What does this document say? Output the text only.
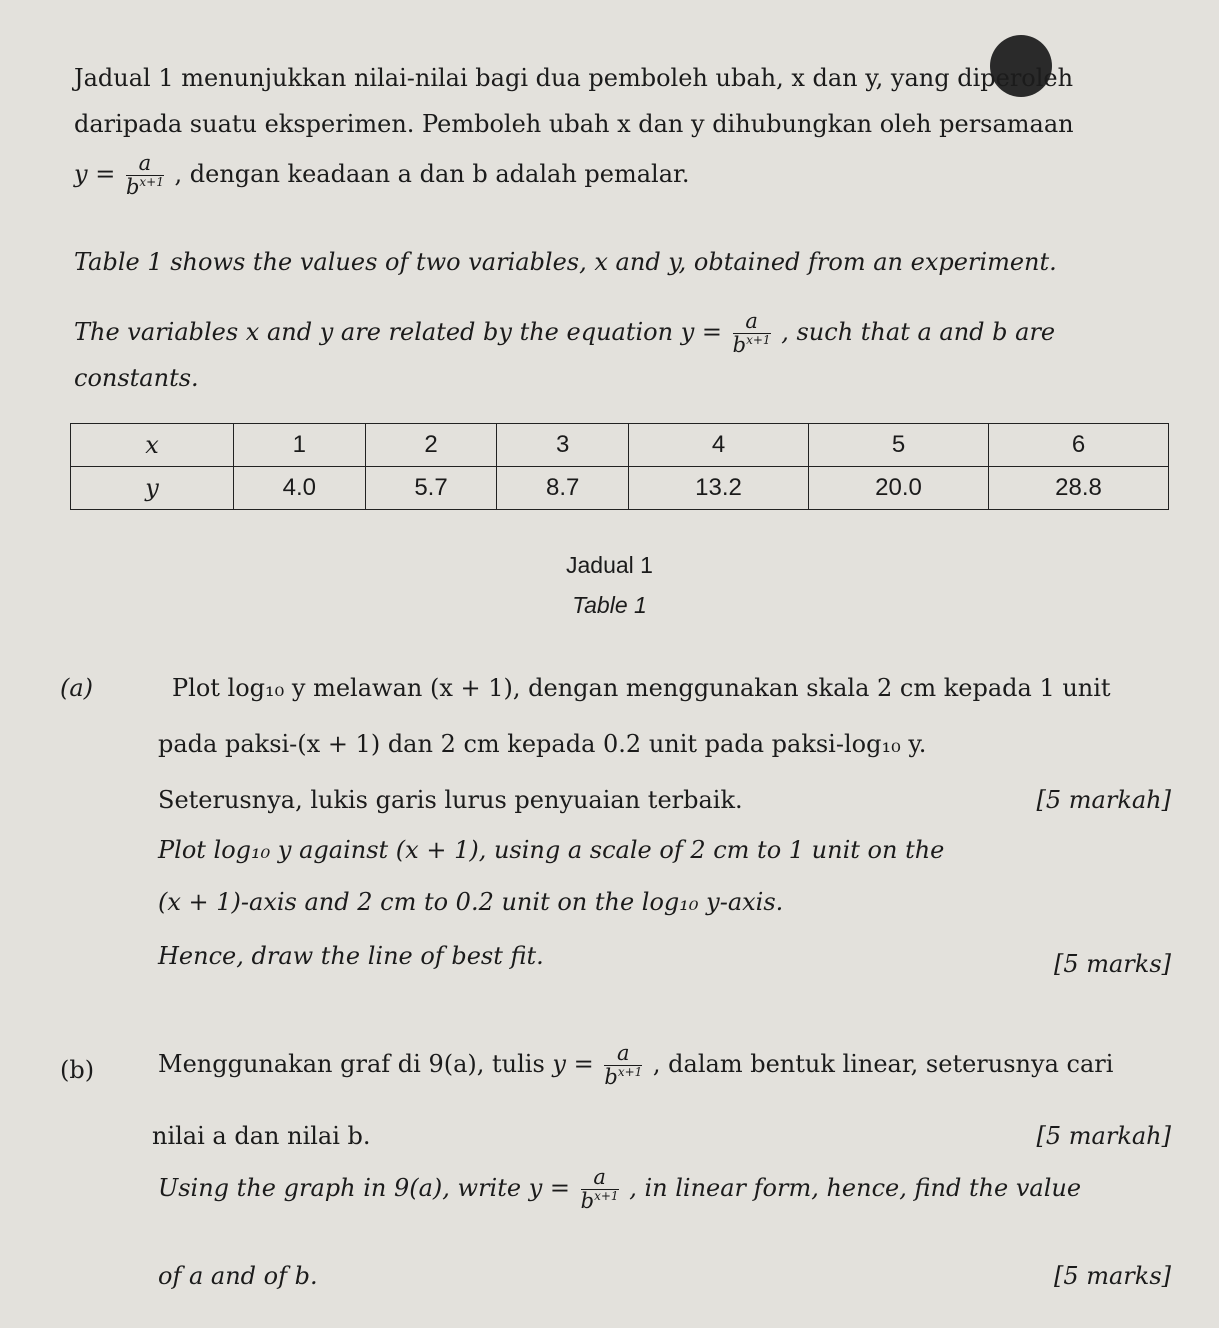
Jadual 1 menunjukkan nilai-nilai bagi dua pemboleh ubah, x dan y, yang diperoleh
daripada suatu eksperimen. Pemboleh ubah x dan y dihubungkan oleh persamaan
$y = \frac{a}{b^{x+1}}$ , dengan keadaan a dan b adalah pemalar.
Table 1 shows the values of two variables, x and y, obtained from an experiment.
The variables x and y are related by the equation $y = \frac{a}{b^{x+1}}$ , such that a and b are
constants.
x	1	2	3	4	5	6
y	4.0	5.7	8.7	13.2	20.0	28.8
Jadual 1
Table 1
(a)	Plot log₁₀ y melawan (x + 1), dengan menggunakan skala 2 cm kepada 1 unit
pada paksi-(x + 1) dan 2 cm kepada 0.2 unit pada paksi-log₁₀ y.
Seterusnya, lukis garis lurus penyuaian terbaik.	[5 markah]
Plot log₁₀ y against (x + 1), using a scale of 2 cm to 1 unit on the
(x + 1)-axis and 2 cm to 0.2 unit on the log₁₀ y-axis.
Hence, draw the line of best fit.	[5 marks]
(b)	Menggunakan graf di 9(a), tulis $y = \frac{a}{b^{x+1}}$ , dalam bentuk linear, seterusnya cari
nilai a dan nilai b.	[5 markah]
Using the graph in 9(a), write $y = \frac{a}{b^{x+1}}$ , in linear form, hence, find the value
of a and of b.	[5 marks]
